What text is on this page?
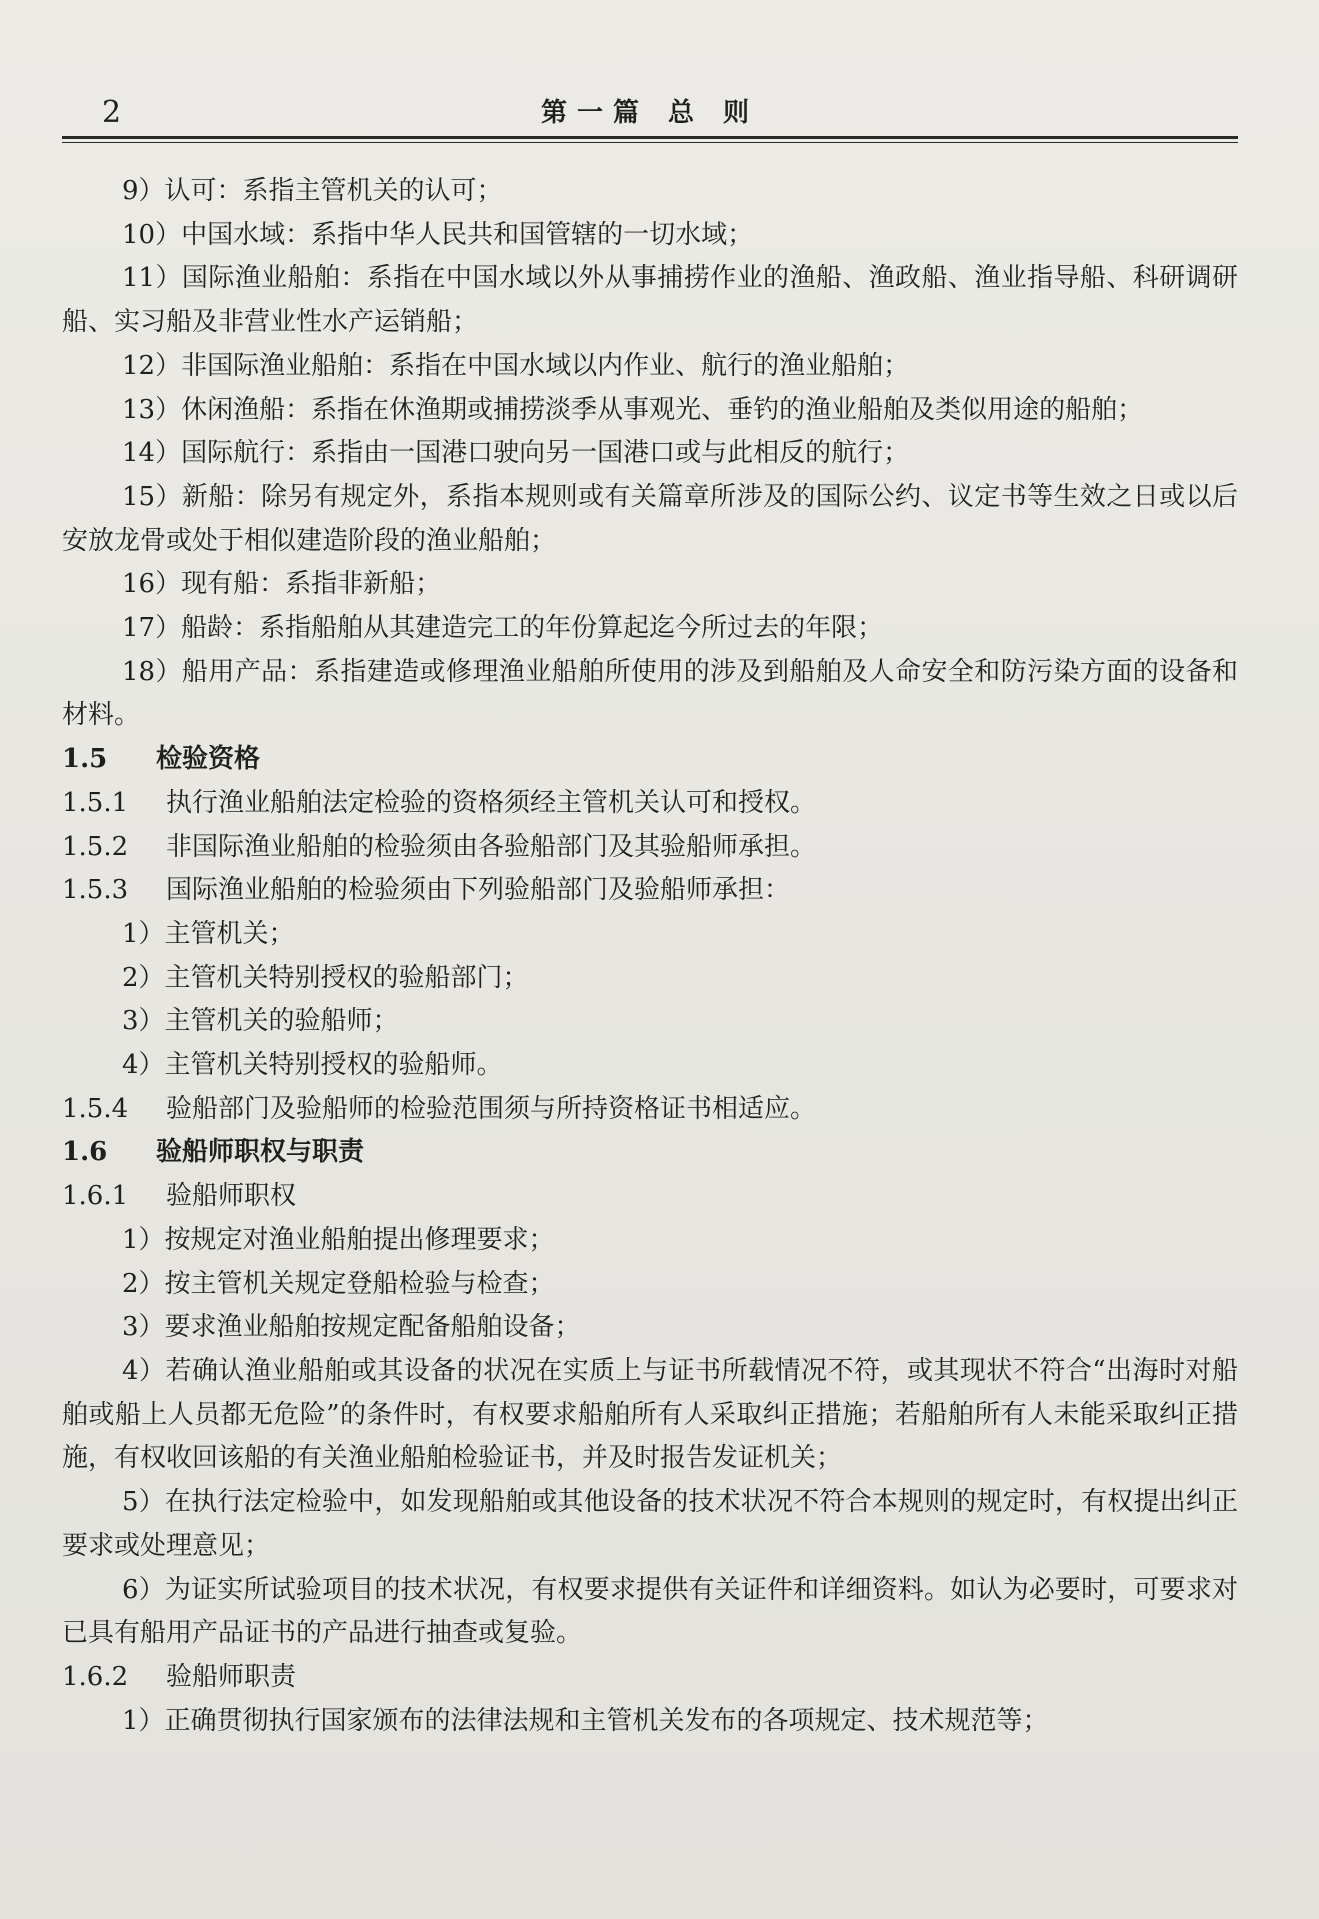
2	第一篇 总 则

9）认可：系指主管机关的认可；

10）中国水域：系指中华人民共和国管辖的一切水域；

11）国际渔业船舶：系指在中国水域以外从事捕捞作业的渔船、渔政船、渔业指导船、科研调研船、实习船及非营业性水产运销船；

12）非国际渔业船舶：系指在中国水域以内作业、航行的渔业船舶；

13）休闲渔船：系指在休渔期或捕捞淡季从事观光、垂钓的渔业船舶及类似用途的船舶；

14）国际航行：系指由一国港口驶向另一国港口或与此相反的航行；

15）新船：除另有规定外，系指本规则或有关篇章所涉及的国际公约、议定书等生效之日或以后安放龙骨或处于相似建造阶段的渔业船舶；

16）现有船：系指非新船；

17）船龄：系指船舶从其建造完工的年份算起迄今所过去的年限；

18）船用产品：系指建造或修理渔业船舶所使用的涉及到船舶及人命安全和防污染方面的设备和材料。

1.5 检验资格

1.5.1 执行渔业船舶法定检验的资格须经主管机关认可和授权。

1.5.2 非国际渔业船舶的检验须由各验船部门及其验船师承担。

1.5.3 国际渔业船舶的检验须由下列验船部门及验船师承担：

1）主管机关；

2）主管机关特别授权的验船部门；

3）主管机关的验船师；

4）主管机关特别授权的验船师。

1.5.4 验船部门及验船师的检验范围须与所持资格证书相适应。

1.6 验船师职权与职责

1.6.1 验船师职权

1）按规定对渔业船舶提出修理要求；

2）按主管机关规定登船检验与检查；

3）要求渔业船舶按规定配备船舶设备；

4）若确认渔业船舶或其设备的状况在实质上与证书所载情况不符，或其现状不符合“出海时对船舶或船上人员都无危险”的条件时，有权要求船舶所有人采取纠正措施；若船舶所有人未能采取纠正措施，有权收回该船的有关渔业船舶检验证书，并及时报告发证机关；

5）在执行法定检验中，如发现船舶或其他设备的技术状况不符合本规则的规定时，有权提出纠正要求或处理意见；

6）为证实所试验项目的技术状况，有权要求提供有关证件和详细资料。如认为必要时，可要求对已具有船用产品证书的产品进行抽查或复验。

1.6.2 验船师职责

1）正确贯彻执行国家颁布的法律法规和主管机关发布的各项规定、技术规范等；
